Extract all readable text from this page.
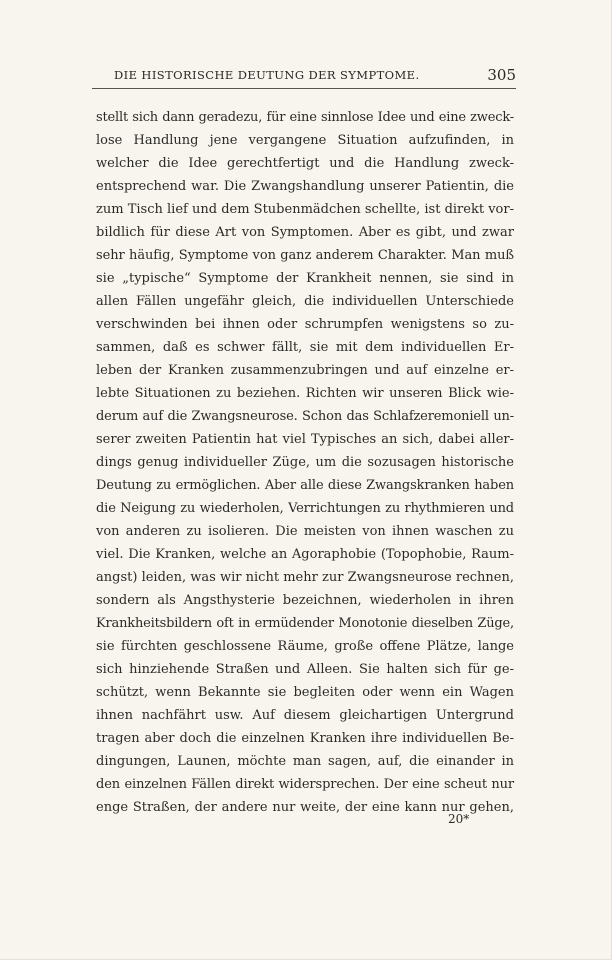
DIE HISTORISCHE DEUTUNG DER SYMPTOME.	305
stellt sich dann geradezu, für eine sinnlose Idee und eine zweck-
lose Handlung jene vergangene Situation aufzufinden, in
welcher die Idee gerechtfertigt und die Handlung zweck-
entsprechend war. Die Zwangshandlung unserer Patientin, die
zum Tisch lief und dem Stubenmädchen schellte, ist direkt vor-
bildlich für diese Art von Symptomen. Aber es gibt, und zwar
sehr häufig, Symptome von ganz anderem Charakter. Man muß
sie „typische“ Symptome der Krankheit nennen, sie sind in
allen Fällen ungefähr gleich, die individuellen Unterschiede
verschwinden bei ihnen oder schrumpfen wenigstens so zu-
sammen, daß es schwer fällt, sie mit dem individuellen Er-
leben der Kranken zusammenzubringen und auf einzelne er-
lebte Situationen zu beziehen. Richten wir unseren Blick wie-
derum auf die Zwangsneurose. Schon das Schlafzeremoniell un-
serer zweiten Patientin hat viel Typisches an sich, dabei aller-
dings genug individueller Züge, um die sozusagen historische
Deutung zu ermöglichen. Aber alle diese Zwangskranken haben
die Neigung zu wiederholen, Verrichtungen zu rhythmieren und
von anderen zu isolieren. Die meisten von ihnen waschen zu
viel. Die Kranken, welche an Agoraphobie (Topophobie, Raum-
angst) leiden, was wir nicht mehr zur Zwangsneurose rechnen,
sondern als Angsthysterie bezeichnen, wiederholen in ihren
Krankheitsbildern oft in ermüdender Monotonie dieselben Züge,
sie fürchten geschlossene Räume, große offene Plätze, lange
sich hinziehende Straßen und Alleen. Sie halten sich für ge-
schützt, wenn Bekannte sie begleiten oder wenn ein Wagen
ihnen nachfährt usw. Auf diesem gleichartigen Untergrund
tragen aber doch die einzelnen Kranken ihre individuellen Be-
dingungen, Launen, möchte man sagen, auf, die einander in
den einzelnen Fällen direkt widersprechen. Der eine scheut nur
enge Straßen, der andere nur weite, der eine kann nur gehen,
20*
